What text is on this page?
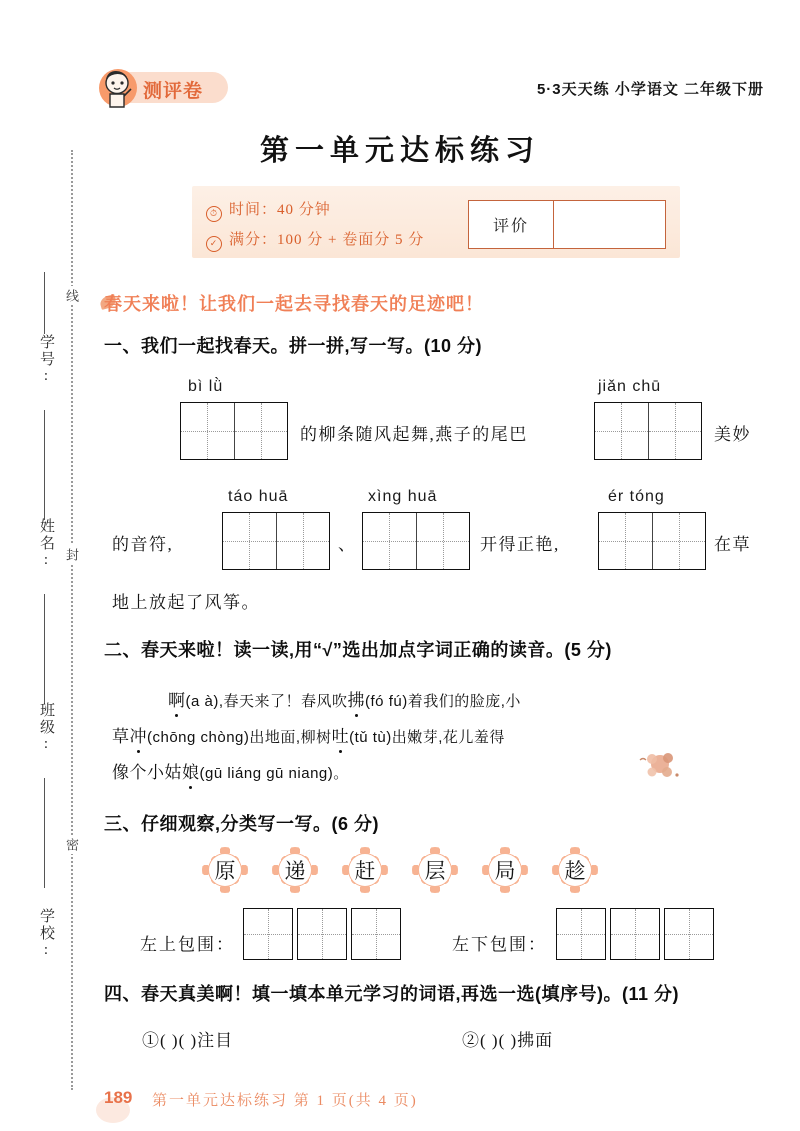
学号:
姓名:
班级:
学校:
线
封
密
测评卷	5·3天天练 小学语文 二年级下册
第一单元达标练习
⏱ 时间：40 分钟
✓ 满分：100 分 + 卷面分 5 分
评价
春天来啦！让我们一起去寻找春天的足迹吧！
一、我们一起找春天。拼一拼,写一写。(10 分)
bì lǜ
的柳条随风起舞,燕子的尾巴
jiǎn chū
美妙
的音符,
táo huā
、
xìng huā
开得正艳,
ér tóng
在草
地上放起了风筝。
二、春天来啦！读一读,用“√”选出加点字词正确的读音。(5 分)
啊(a à),春天来了！春风吹拂(fó fú)着我们的脸庞,小
草冲(chōng chòng)出地面,柳树吐(tǔ tù)出嫩芽,花儿羞得
像个小姑娘(gū liáng gū niang)。
三、仔细观察,分类写一写。(6 分)
原 递 赶 层 局 趁
左上包围：	左下包围：
四、春天真美啊！填一填本单元学习的词语,再选一选(填序号)。(11 分)
①( )( )注目	②( )( )拂面
189 第一单元达标练习 第 1 页(共 4 页)
